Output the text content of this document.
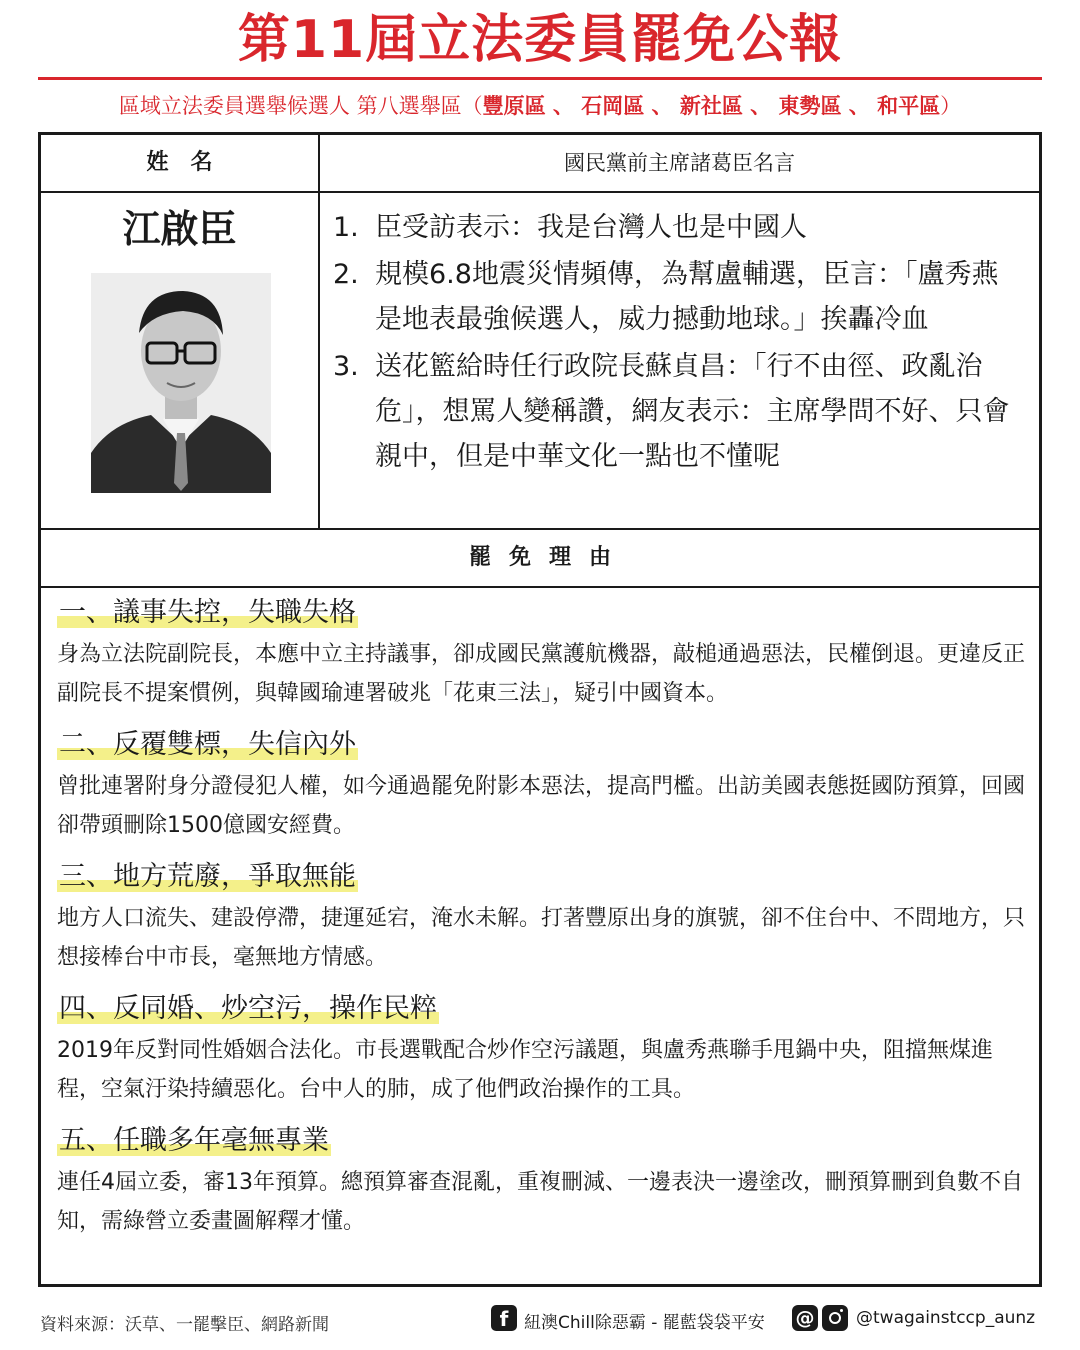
第11屆立法委員罷免公報
區域立法委員選舉候選人 第八選舉區（豐原區 、 石岡區 、 新社區 、 東勢區 、 和平區）
姓　名	國民黨前主席諸葛臣名言
江啟臣	1. 臣受訪表示：我是台灣人也是中國人
2. 規模6.8地震災情頻傳，為幫盧輔選，臣言：「盧秀燕是地表最強候選人，威力撼動地球。」挨轟冷血
3. 送花籃給時任行政院長蘇貞昌：「行不由徑、政亂治危」，想罵人變稱讚，網友表示：主席學問不好、只會親中，但是中華文化一點也不懂呢
罷免理由
一、議事失控，失職失格

身為立法院副院長，本應中立主持議事，卻成國民黨護航機器，敲槌通過惡法，民權倒退。更違反正副院長不提案慣例，與韓國瑜連署破兆「花東三法」，疑引中國資本。

二、反覆雙標，失信內外

曾批連署附身分證侵犯人權，如今通過罷免附影本惡法，提高門檻。出訪美國表態挺國防預算，回國卻帶頭刪除1500億國安經費。

三、地方荒廢，爭取無能

地方人口流失、建設停滯，捷運延宕，淹水未解。打著豐原出身的旗號，卻不住台中、不問地方，只想接棒台中市長，毫無地方情感。

四、反同婚、炒空污，操作民粹

2019年反對同性婚姻合法化。市長選戰配合炒作空污議題，與盧秀燕聯手甩鍋中央，阻擋無煤進程，空氣汙染持續惡化。台中人的肺，成了他們政治操作的工具。

五、任職多年毫無專業

連任4屆立委，審13年預算。總預算審查混亂，重複刪減、一邊表決一邊塗改，刪預算刪到負數不自知，需綠營立委畫圖解釋才懂。

資料來源：沃草、一罷擊臣、網路新聞	f 紐澳Chill除惡霸 - 罷藍袋袋平安 @ @twagainstccp_aunz
